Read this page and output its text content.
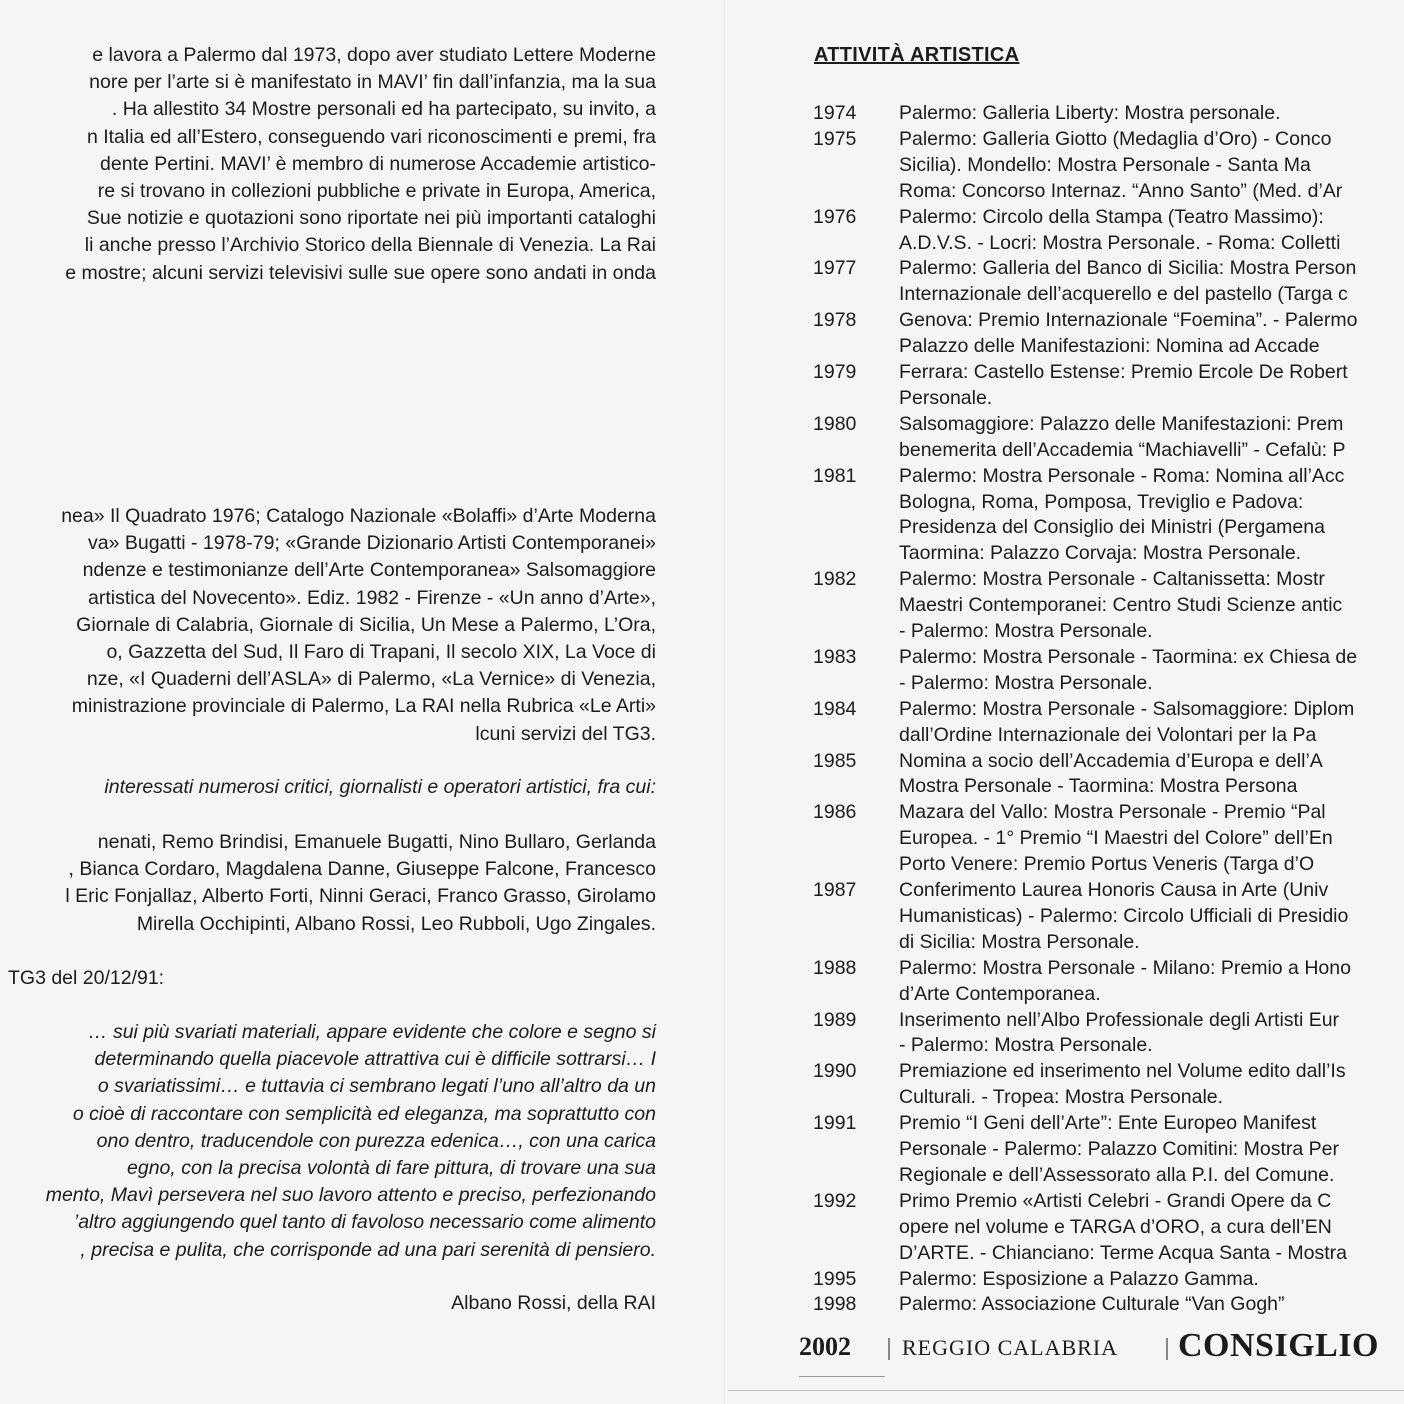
Albano Rossi, della RAI
e lavora a Palermo dal 1973, dopo aver studiato Lettere Moderne
nore per l’arte si è manifestato in MAVI’ fin dall’infanzia, ma la sua
. Ha allestito 34 Mostre personali ed ha partecipato, su invito, a
n Italia ed all’Estero, conseguendo vari riconoscimenti e premi, fra
dente Pertini. MAVI’ è membro di numerose Accademie artistico-
re si trovano in collezioni pubbliche e private in Europa, America,
Sue notizie e quotazioni sono riportate nei più importanti cataloghi
li anche presso l’Archivio Storico della Biennale di Venezia. La Rai
e mostre; alcuni servizi televisivi sulle sue opere sono andati in onda
nea» Il Quadrato 1976; Catalogo Nazionale «Bolaffi» d’Arte Moderna
va» Bugatti - 1978-79; «Grande Dizionario Artisti Contemporanei»
ndenze e testimonianze dell’Arte Contemporanea» Salsomaggiore
artistica del Novecento». Ediz. 1982 - Firenze - «Un anno d’Arte»,
Giornale di Calabria, Giornale di Sicilia, Un Mese a Palermo, L’Ora,
o, Gazzetta del Sud, Il Faro di Trapani, Il secolo XIX, La Voce di
nze, «I Quaderni dell’ASLA» di Palermo, «La Vernice» di Venezia,
ministrazione provinciale di Palermo, La RAI nella Rubrica «Le Arti»
lcuni servizi del TG3.
interessati numerosi critici, giornalisti e operatori artistici, fra cui:
nenati, Remo Brindisi, Emanuele Bugatti, Nino Bullaro, Gerlanda
, Bianca Cordaro, Magdalena Danne, Giuseppe Falcone, Francesco
l Eric Fonjallaz, Alberto Forti, Ninni Geraci, Franco Grasso, Girolamo
Mirella Occhipinti, Albano Rossi, Leo Rubboli, Ugo Zingales.
TG3 del 20/12/91:
… sui più svariati materiali, appare evidente che colore e segno si
determinando quella piacevole attrattiva cui è difficile sottrarsi… I
o svariatissimi… e tuttavia ci sembrano legati l’uno all’altro da un
o cioè di raccontare con semplicità ed eleganza, ma soprattutto con
ono dentro, traducendole con purezza edenica…, con una carica
egno, con la precisa volontà di fare pittura, di trovare una sua
mento, Mavì persevera nel suo lavoro attento e preciso, perfezionando
’altro aggiungendo quel tanto di favoloso necessario come alimento
, precisa e pulita, che corrisponde ad una pari serenità di pensiero.
ATTIVITÀ ARTISTICA
2002 REGGIO CALABRIA CONSIGLIO
1974 Palermo: Galleria Liberty: Mostra personale.
1975 Palermo: Galleria Giotto (Medaglia d’Oro) - Conco
Sicilia). Mondello: Mostra Personale - Santa Ma
Roma: Concorso Internaz. “Anno Santo” (Med. d’Ar
1976 Palermo: Circolo della Stampa (Teatro Massimo):
A.D.V.S. - Locri: Mostra Personale. - Roma: Colletti
1977 Palermo: Galleria del Banco di Sicilia: Mostra Person
Internazionale dell’acquerello e del pastello (Targa c
1978 Genova: Premio Internazionale “Foemina”. - Palermo
Palazzo delle Manifestazioni: Nomina ad Accade
1979 Ferrara: Castello Estense: Premio Ercole De Robert
Personale.
1980 Salsomaggiore: Palazzo delle Manifestazioni: Prem
benemerita dell’Accademia “Machiavelli” - Cefalù: P
1981 Palermo: Mostra Personale - Roma: Nomina all’Acc
Bologna, Roma, Pomposa, Treviglio e Padova:
Presidenza del Consiglio dei Ministri (Pergamena
Taormina: Palazzo Corvaja: Mostra Personale.
1982 Palermo: Mostra Personale - Caltanissetta: Mostr
Maestri Contemporanei: Centro Studi Scienze antic
- Palermo: Mostra Personale.
1983 Palermo: Mostra Personale - Taormina: ex Chiesa de
- Palermo: Mostra Personale.
1984 Palermo: Mostra Personale - Salsomaggiore: Diplom
dall’Ordine Internazionale dei Volontari per la Pa
1985 Nomina a socio dell’Accademia d’Europa e dell’A
Mostra Personale - Taormina: Mostra Persona
1986 Mazara del Vallo: Mostra Personale - Premio “Pal
Europea. - 1° Premio “I Maestri del Colore” dell’En
Porto Venere: Premio Portus Veneris (Targa d’O
1987 Conferimento Laurea Honoris Causa in Arte (Univ
Humanisticas) - Palermo: Circolo Ufficiali di Presidio
di Sicilia: Mostra Personale.
1988 Palermo: Mostra Personale - Milano: Premio a Hono
d’Arte Contemporanea.
1989 Inserimento nell’Albo Professionale degli Artisti Eur
- Palermo: Mostra Personale.
1990 Premiazione ed inserimento nel Volume edito dall’Is
Culturali. - Tropea: Mostra Personale.
1991 Premio “I Geni dell’Arte”: Ente Europeo Manifest
Personale - Palermo: Palazzo Comitini: Mostra Per
Regionale e dell’Assessorato alla P.I. del Comune.
1992 Primo Premio «Artisti Celebri - Grandi Opere da C
opere nel volume e TARGA d’ORO, a cura dell’EN
D’ARTE. - Chianciano: Terme Acqua Santa - Mostra
1995 Palermo: Esposizione a Palazzo Gamma.
1998 Palermo: Associazione Culturale “Van Gogh”
